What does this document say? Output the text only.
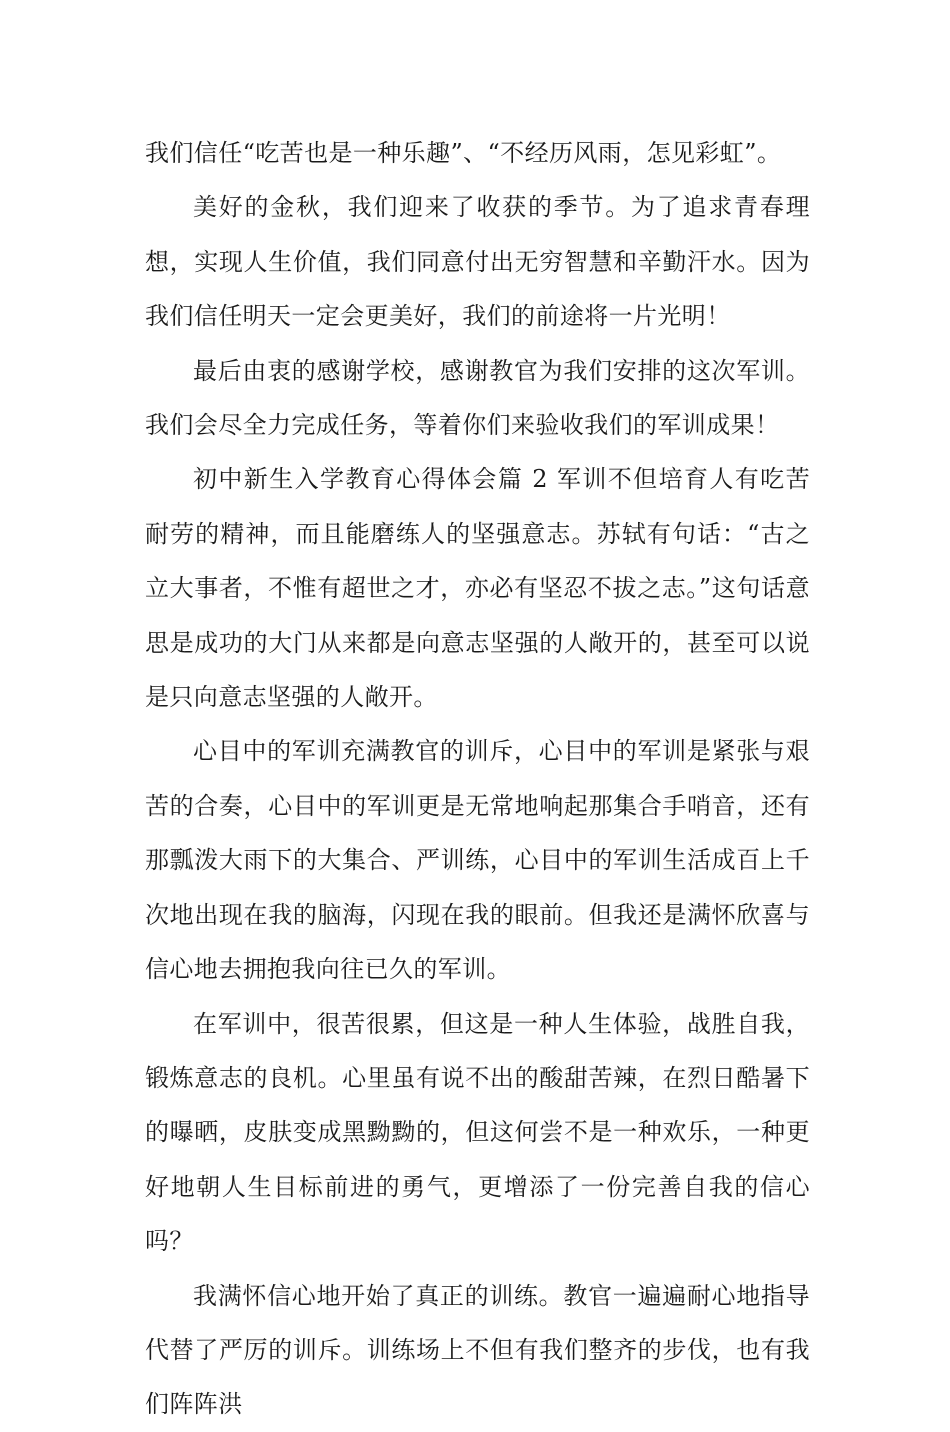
我们信任“吃苦也是一种乐趣”、“不经历风雨，怎见彩虹”。

美好的金秋，我们迎来了收获的季节。为了追求青春理想，实现人生价值，我们同意付出无穷智慧和辛勤汗水。因为我们信任明天一定会更美好，我们的前途将一片光明！

最后由衷的感谢学校，感谢教官为我们安排的这次军训。我们会尽全力完成任务，等着你们来验收我们的军训成果！

初中新生入学教育心得体会篇 2 军训不但培育人有吃苦耐劳的精神，而且能磨练人的坚强意志。苏轼有句话：“古之立大事者，不惟有超世之才，亦必有坚忍不拔之志。”这句话意思是成功的大门从来都是向意志坚强的人敞开的，甚至可以说是只向意志坚强的人敞开。

心目中的军训充满教官的训斥，心目中的军训是紧张与艰苦的合奏，心目中的军训更是无常地响起那集合手哨音，还有那瓢泼大雨下的大集合、严训练，心目中的军训生活成百上千次地出现在我的脑海，闪现在我的眼前。但我还是满怀欣喜与信心地去拥抱我向往已久的军训。

在军训中，很苦很累，但这是一种人生体验，战胜自我，锻炼意志的良机。心里虽有说不出的酸甜苦辣，在烈日酷暑下的曝晒，皮肤变成黑黝黝的，但这何尝不是一种欢乐，一种更好地朝人生目标前进的勇气，更增添了一份完善自我的信心吗？

我满怀信心地开始了真正的训练。教官一遍遍耐心地指导代替了严厉的训斥。训练场上不但有我们整齐的步伐，也有我们阵阵洪
